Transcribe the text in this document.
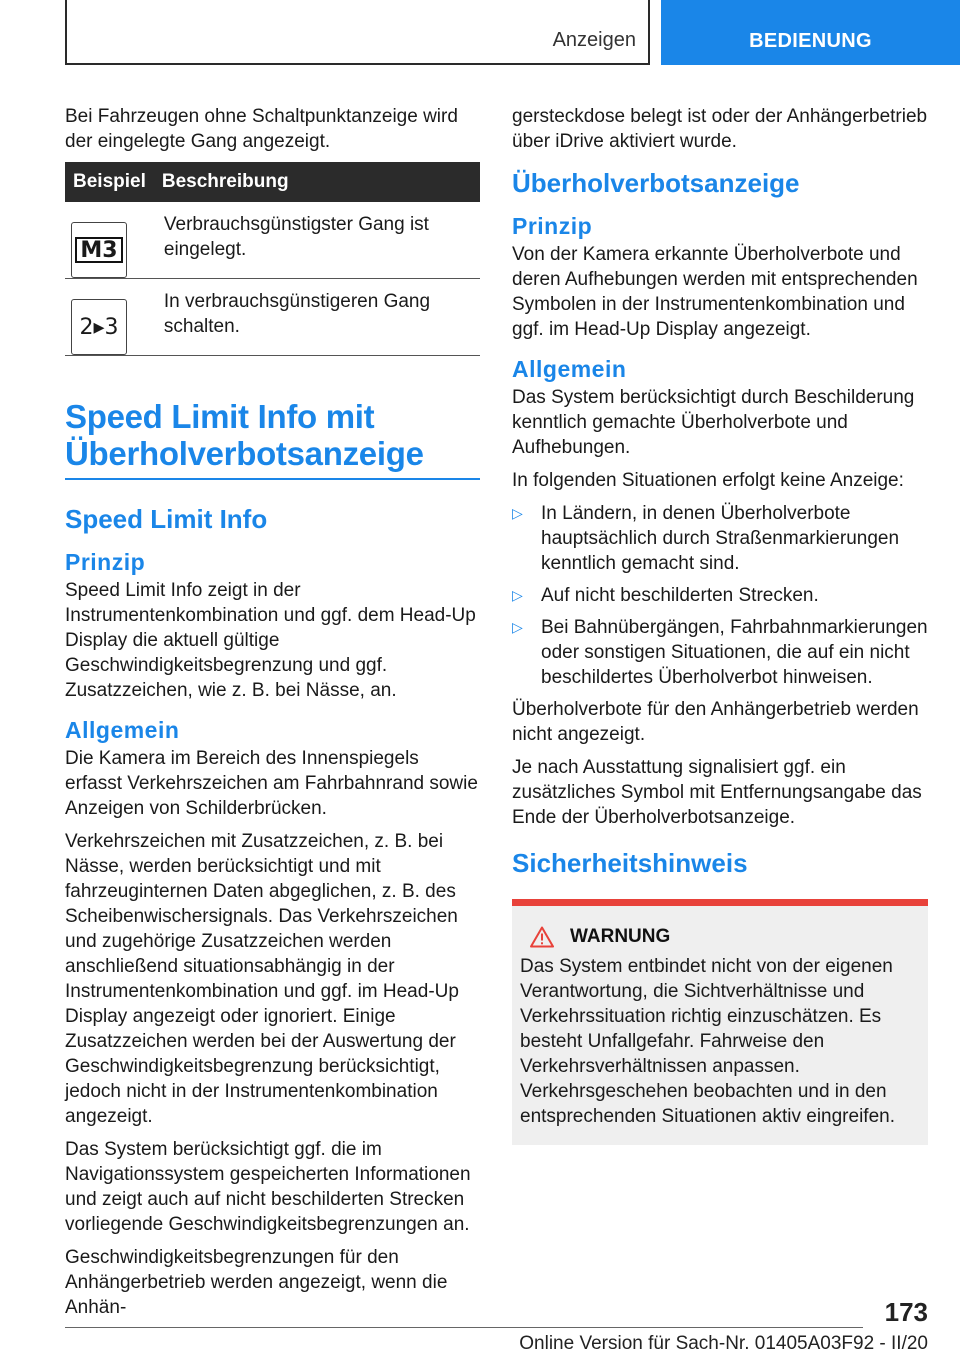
Anzeigen	BEDIENUNG

Bei Fahrzeugen ohne Schaltpunktanzeige wird der eingelegte Gang angezeigt.

Beispiel	Beschreibung

M3	Verbrauchsgünstigster Gang ist eingelegt.

2▸3	In verbrauchsgünstigeren Gang schalten.
Speed Limit Info mit
Überholverbotsanzeige
Speed Limit Info
Prinzip

Speed Limit Info zeigt in der Instrumentenkombination und ggf. dem Head-Up Display die aktuell gültige Geschwindigkeitsbegrenzung und ggf. Zusatzzeichen, wie z. B. bei Nässe, an.

Allgemein

Die Kamera im Bereich des Innenspiegels erfasst Verkehrszeichen am Fahrbahnrand sowie Anzeigen von Schilderbrücken.

Verkehrszeichen mit Zusatzzeichen, z. B. bei Nässe, werden berücksichtigt und mit fahrzeuginternen Daten abgeglichen, z. B. des Scheibenwischersignals. Das Verkehrszeichen und zugehörige Zusatzzeichen werden anschließend situationsabhängig in der Instrumentenkombination und ggf. im Head-Up Display angezeigt oder ignoriert. Einige Zusatzzeichen werden bei der Auswertung der Geschwindigkeitsbegrenzung berücksichtigt, jedoch nicht in der Instrumentenkombination angezeigt.

Das System berücksichtigt ggf. die im Navigationssystem gespeicherten Informationen und zeigt auch auf nicht beschilderten Strecken vorliegende Geschwindigkeitsbegrenzungen an.

Geschwindigkeitsbegrenzungen für den Anhängerbetrieb werden angezeigt, wenn die Anhän-

gersteckdose belegt ist oder der Anhängerbetrieb über iDrive aktiviert wurde.

Überholverbotsanzeige
Prinzip

Von der Kamera erkannte Überholverbote und deren Aufhebungen werden mit entsprechenden Symbolen in der Instrumentenkombination und ggf. im Head-Up Display angezeigt.

Allgemein

Das System berücksichtigt durch Beschilderung kenntlich gemachte Überholverbote und Aufhebungen.

In folgenden Situationen erfolgt keine Anzeige:

▷ In Ländern, in denen Überholverbote hauptsächlich durch Straßenmarkierungen kenntlich gemacht sind.
▷ Auf nicht beschilderten Strecken.
▷ Bei Bahnübergängen, Fahrbahnmarkierungen oder sonstigen Situationen, die auf ein nicht beschildertes Überholverbot hinweisen.

Überholverbote für den Anhängerbetrieb werden nicht angezeigt.

Je nach Ausstattung signalisiert ggf. ein zusätzliches Symbol mit Entfernungsangabe das Ende der Überholverbotsanzeige.

Sicherheitshinweis
WARNUNG

Das System entbindet nicht von der eigenen Verantwortung, die Sichtverhältnisse und Verkehrssituation richtig einzuschätzen. Es besteht Unfallgefahr. Fahrweise den Verkehrsverhältnissen anpassen. Verkehrsgeschehen beobachten und in den entsprechenden Situationen aktiv eingreifen.

173
Online Version für Sach-Nr. 01405A03F92 - II/20
